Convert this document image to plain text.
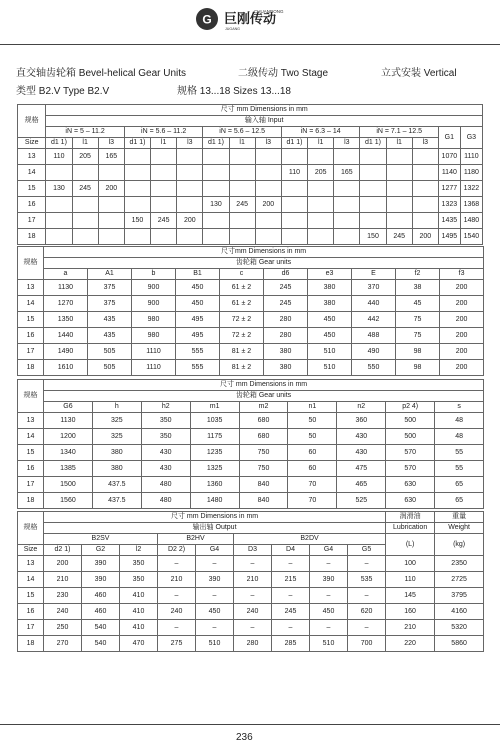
G 巨刚传动
CHUANDONG
JUGANG
直交轴齿轮箱 Bevel-helical Gear Units	二级传动 Two Stage	立式安装 Vertical
类型 B2.V Type B2.V	规格 13...18 Sizes 13...18
规格	尺寸 mm Dimensions in mm																
	输入轴 Input																
	iN = 5 – 11.2			iN = 5.6 – 11.2			iN = 5.6 – 12.5			iN = 6.3 – 14			iN = 7.1 – 12.5			G1	G3
Size	d1 1)	l1	l3	d1 1)	l1	l3	d1 1)	l1	l3	d1 1)	l1	l3	d1 1)	l1	l3		
13	110	205	165													1070	1110
14										110	205	165				1140	1180
15	130	245	200													1277	1322
16							130	245	200							1323	1368
17				150	245	200										1435	1480
18													150	245	200	1495	1540
规格	尺寸mm Dimensions in mm									
	齿轮箱 Gear units									
	a	A1	b	B1	c	d6	e3	E	f2	f3
13	1130	375	900	450	61 ± 2	245	380	370	38	200
14	1270	375	900	450	61 ± 2	245	380	440	45	200
15	1350	435	980	495	72 ± 2	280	450	442	75	200
16	1440	435	980	495	72 ± 2	280	450	488	75	200
17	1490	505	1110	555	81 ± 2	380	510	490	98	200
18	1610	505	1110	555	81 ± 2	380	510	550	98	200
规格	尺寸 mm Dimensions in mm								
	齿轮箱 Gear units								
	G6	h	h2	m1	m2	n1	n2	p2 4)	s
13	1130	325	350	1035	680	50	360	500	48
14	1200	325	350	1175	680	50	430	500	48
15	1340	380	430	1235	750	60	430	570	55
16	1385	380	430	1325	750	60	475	570	55
17	1500	437.5	480	1360	840	70	465	630	65
18	1560	437.5	480	1480	840	70	525	630	65
规格	尺寸 mm Dimensions in mm									润滑油	重量
	输出轴 Output									Lubrication	Weight
	B2SV			B2HV		B2DV				(L)	(kg)
Size	d2 1)	G2	l2	D2 2)	G4	D3	D4	G4	G5		
13	200	390	350	–	–	–	–	–	–	100	2350
14	210	390	350	210	390	210	215	390	535	110	2725
15	230	460	410	–	–	–	–	–	–	145	3795
16	240	460	410	240	450	240	245	450	620	160	4160
17	250	540	410	–	–	–	–	–	–	210	5320
18	270	540	470	275	510	280	285	510	700	220	5860
236
